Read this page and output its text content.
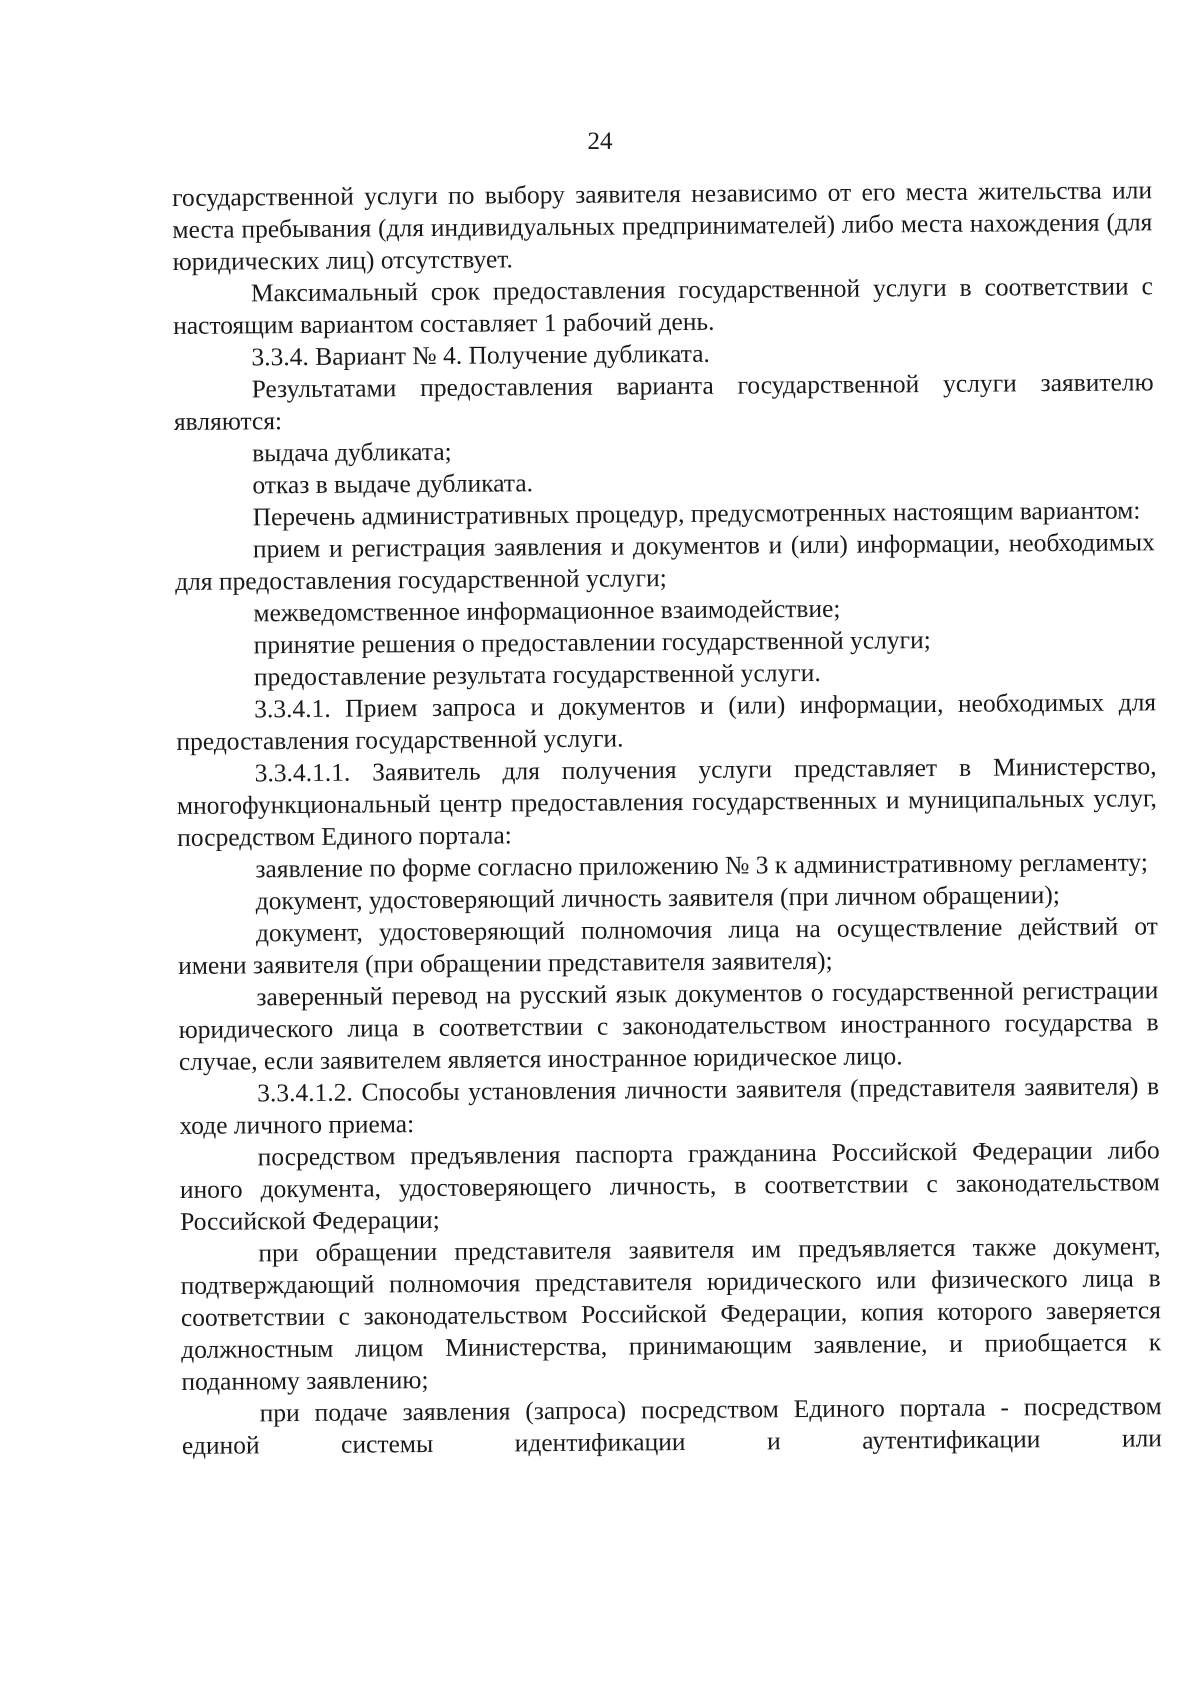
24

государственной услуги по выбору заявителя независимо от его места жительства или места пребывания (для индивидуальных предпринимателей) либо места нахождения (для юридических лиц) отсутствует.

Максимальный срок предоставления государственной услуги в соответствии с настоящим вариантом составляет 1 рабочий день.

3.3.4. Вариант № 4. Получение дубликата.

Результатами предоставления варианта государственной услуги заявителю являются:

выдача дубликата;

отказ в выдаче дубликата.

Перечень административных процедур, предусмотренных настоящим вариантом:

прием и регистрация заявления и документов и (или) информации, необходимых для предоставления государственной услуги;

межведомственное информационное взаимодействие;

принятие решения о предоставлении государственной услуги;

предоставление результата государственной услуги.

3.3.4.1. Прием запроса и документов и (или) информации, необходимых для предоставления государственной услуги.

3.3.4.1.1. Заявитель для получения услуги представляет в Министерство, многофункциональный центр предоставления государственных и муниципальных услуг, посредством Единого портала:

заявление по форме согласно приложению № 3 к административному регламенту;

документ, удостоверяющий личность заявителя (при личном обращении);

документ, удостоверяющий полномочия лица на осуществление действий от имени заявителя (при обращении представителя заявителя);

заверенный перевод на русский язык документов о государственной регистрации юридического лица в соответствии с законодательством иностранного государства в случае, если заявителем является иностранное юридическое лицо.

3.3.4.1.2. Способы установления личности заявителя (представителя заявителя) в ходе личного приема:

посредством предъявления паспорта гражданина Российской Федерации либо иного документа, удостоверяющего личность, в соответствии с законодательством Российской Федерации;

при обращении представителя заявителя им предъявляется также документ, подтверждающий полномочия представителя юридического или физического лица в соответствии с законодательством Российской Федерации, копия которого заверяется должностным лицом Министерства, принимающим заявление, и приобщается к поданному заявлению;

при подаче заявления (запроса) посредством Единого портала - посредством единой системы идентификации и аутентификации или
